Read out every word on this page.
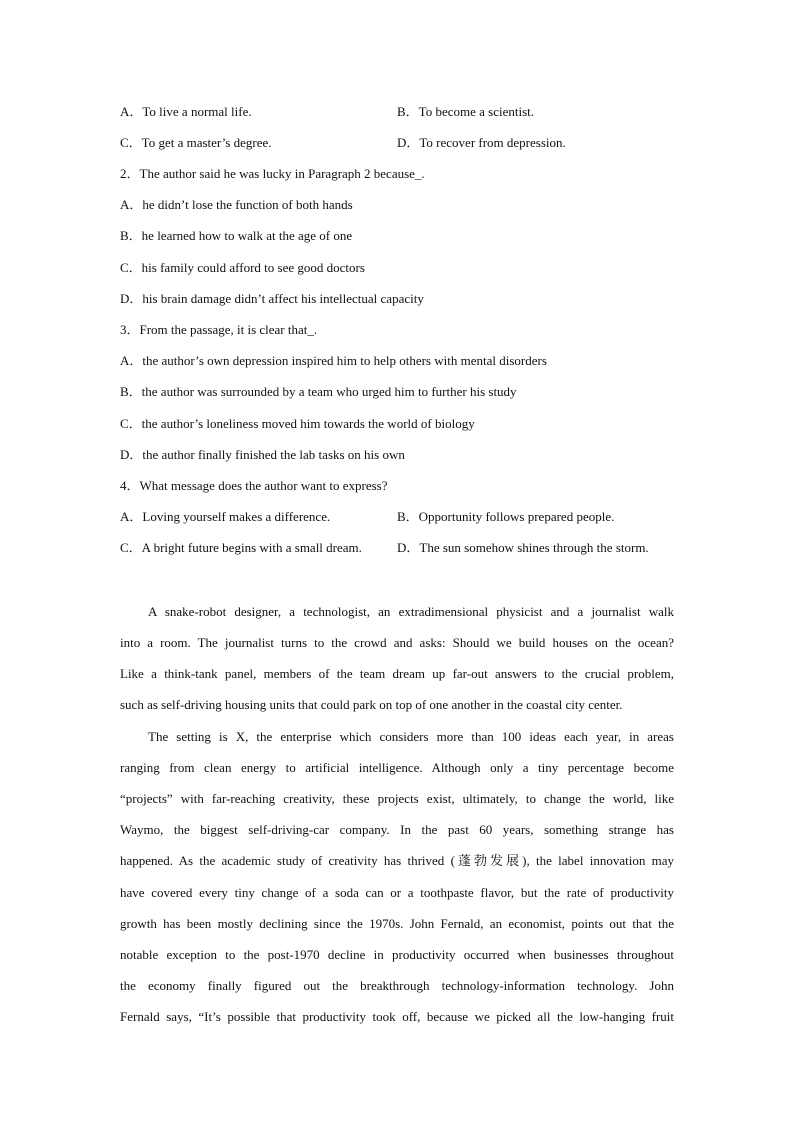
A．To live a normal life.	B．To become a scientist.
C．To get a master’s degree.	D．To recover from depression.
2．The author said he was lucky in Paragraph 2 because_.
A．he didn’t lose the function of both hands
B．he learned how to walk at the age of one
C．his family could afford to see good doctors
D．his brain damage didn’t affect his intellectual capacity
3．From the passage, it is clear that_.
A．the author’s own depression inspired him to help others with mental disorders
B．the author was surrounded by a team who urged him to further his study
C．the author’s loneliness moved him towards the world of biology
D．the author finally finished the lab tasks on his own
4．What message does the author want to express?
A．Loving yourself makes a difference.	B．Opportunity follows prepared people.
C．A bright future begins with a small dream.	D．The sun somehow shines through the storm.
A snake-robot designer, a technologist, an extradimensional physicist and a journalist walk
into a room. The journalist turns to the crowd and asks: Should we build houses on the ocean?
Like a think-tank panel, members of the team dream up far-out answers to the crucial problem,
such as self-driving housing units that could park on top of one another in the coastal city center.
The setting is X, the enterprise which considers more than 100 ideas each year, in areas
ranging from clean energy to artificial intelligence. Although only a tiny percentage become
“projects” with far-reaching creativity, these projects exist, ultimately, to change the world, like
Waymo, the biggest self-driving-car company. In the past 60 years, something strange has
happened. As the academic study of creativity has thrived (蓬勃发展), the label innovation may
have covered every tiny change of a soda can or a toothpaste flavor, but the rate of productivity
growth has been mostly declining since the 1970s. John Fernald, an economist, points out that the
notable exception to the post-1970 decline in productivity occurred when businesses throughout
the economy finally figured out the breakthrough technology-information technology. John
Fernald says, “It’s possible that productivity took off, because we picked all the low-hanging fruit
